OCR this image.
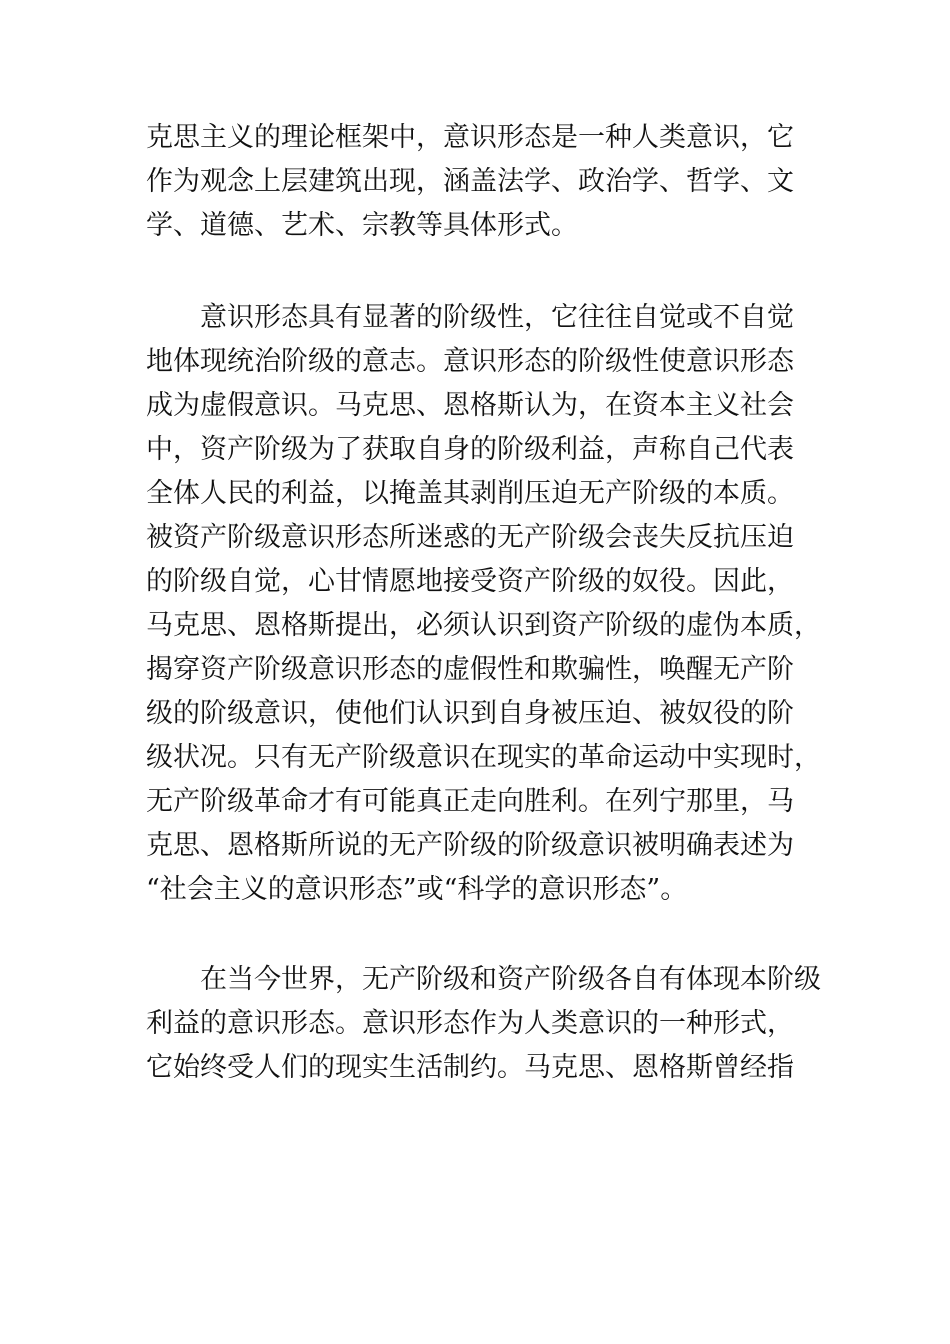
克思主义的理论框架中，意识形态是一种人类意识，它
作为观念上层建筑出现，涵盖法学、政治学、哲学、文
学、道德、艺术、宗教等具体形式。

意识形态具有显著的阶级性，它往往自觉或不自觉
地体现统治阶级的意志。意识形态的阶级性使意识形态
成为虚假意识。马克思、恩格斯认为，在资本主义社会
中，资产阶级为了获取自身的阶级利益，声称自己代表
全体人民的利益，以掩盖其剥削压迫无产阶级的本质。
被资产阶级意识形态所迷惑的无产阶级会丧失反抗压迫
的阶级自觉，心甘情愿地接受资产阶级的奴役。因此，
马克思、恩格斯提出，必须认识到资产阶级的虚伪本质，
揭穿资产阶级意识形态的虚假性和欺骗性，唤醒无产阶
级的阶级意识，使他们认识到自身被压迫、被奴役的阶
级状况。只有无产阶级意识在现实的革命运动中实现时，
无产阶级革命才有可能真正走向胜利。在列宁那里，马
克思、恩格斯所说的无产阶级的阶级意识被明确表述为
“社会主义的意识形态”或“科学的意识形态”。

在当今世界，无产阶级和资产阶级各自有体现本阶级
利益的意识形态。意识形态作为人类意识的一种形式，
它始终受人们的现实生活制约。马克思、恩格斯曾经指
